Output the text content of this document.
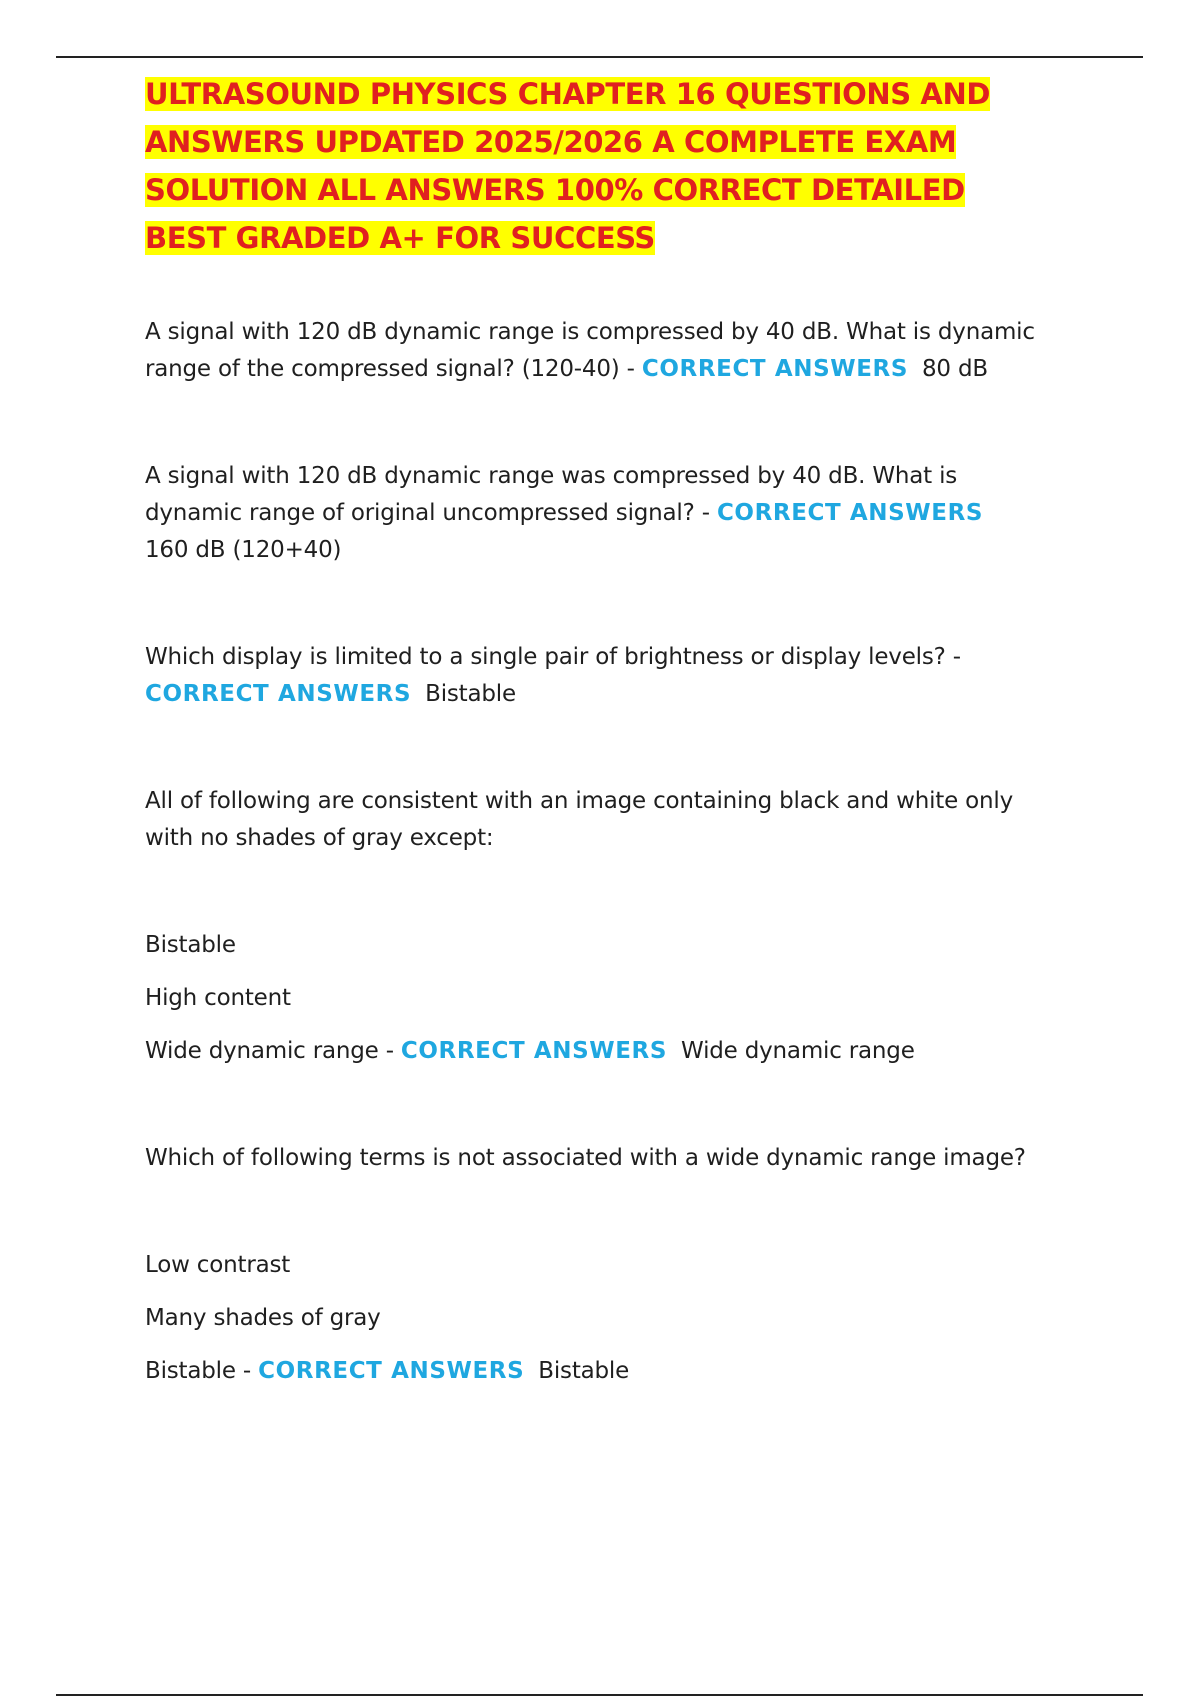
ULTRASOUND PHYSICS CHAPTER 16 QUESTIONS AND ANSWERS UPDATED 2025/2026 A COMPLETE EXAM SOLUTION ALL ANSWERS 100% CORRECT DETAILED BEST GRADED A+ FOR SUCCESS

A signal with 120 dB dynamic range is compressed by 40 dB. What is dynamic range of the compressed signal? (120-40) - CORRECT ANSWERS 80 dB

A signal with 120 dB dynamic range was compressed by 40 dB. What is dynamic range of original uncompressed signal? - CORRECT ANSWERS
160 dB (120+40)

Which display is limited to a single pair of brightness or display levels? -
CORRECT ANSWERS Bistable

All of following are consistent with an image containing black and white only with no shades of gray except:

Bistable

High content

Wide dynamic range - CORRECT ANSWERS Wide dynamic range

Which of following terms is not associated with a wide dynamic range image?

Low contrast

Many shades of gray

Bistable - CORRECT ANSWERS Bistable
